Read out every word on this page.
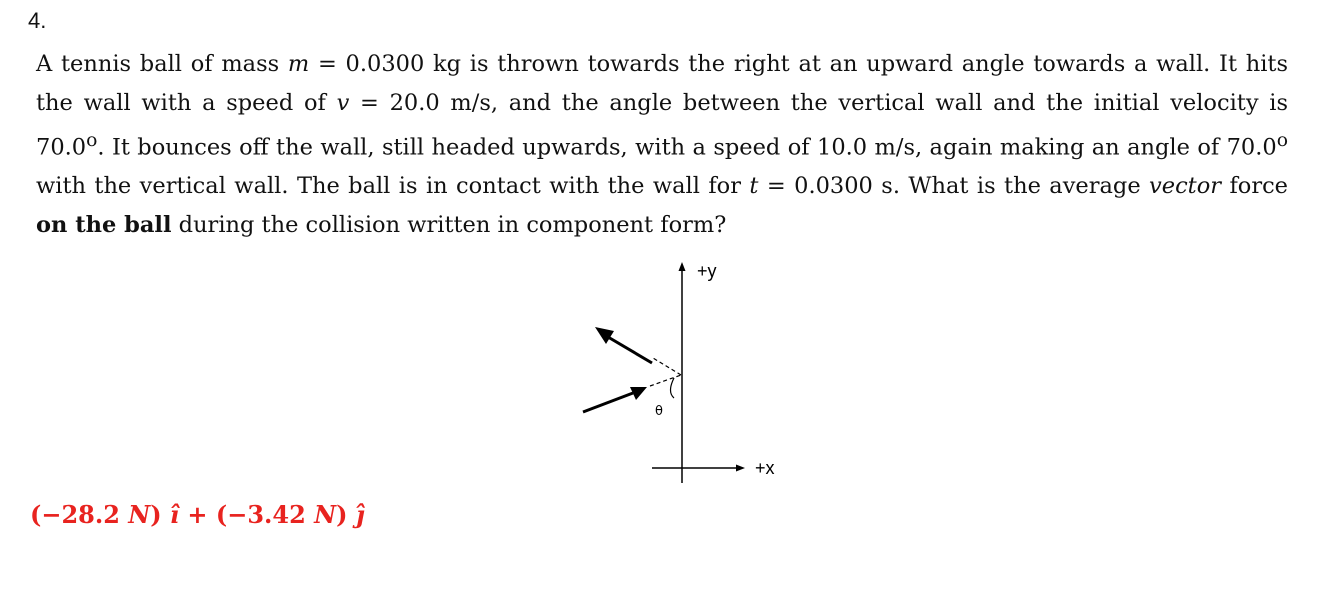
4.
A tennis ball of mass m = 0.0300 kg is thrown towards the right at an upward angle towards a wall. It hits the wall with a speed of v = 20.0 m/s, and the angle between the vertical wall and the initial velocity is 70.0$^o$. It bounces off the wall, still headed upwards, with a speed of 10.0 m/s, again making an angle of 70.0$^o$ with the vertical wall. The ball is in contact with the wall for t = 0.0300 s. What is the average vector force on the ball during the collision written in component form?
+y
+x
θ
(−28.2 N) î + (−3.42 N) ĵ
